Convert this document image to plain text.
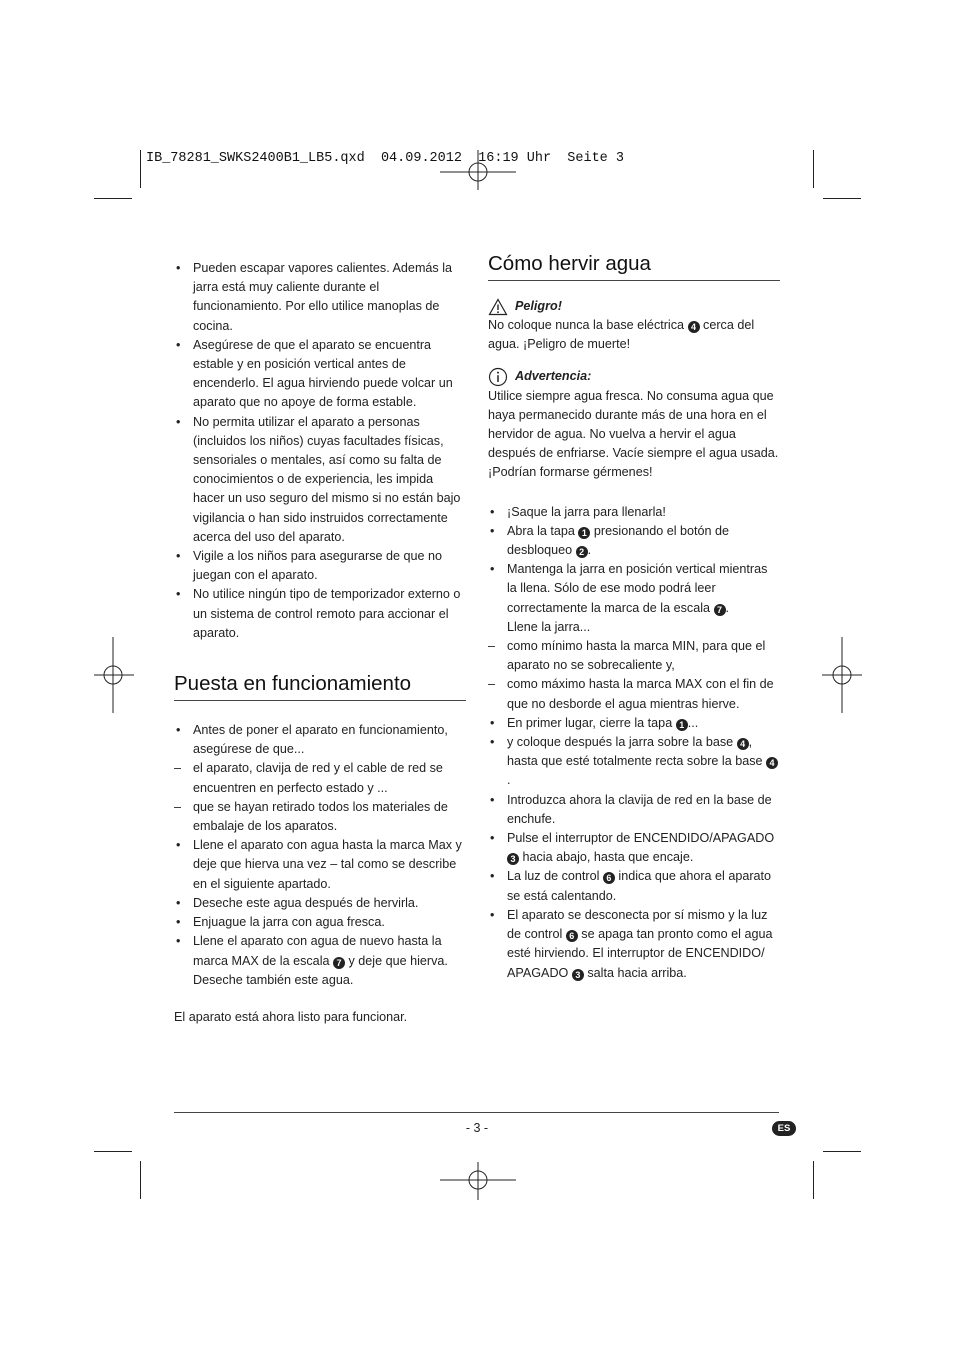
IB_78281_SWKS2400B1_LB5.qxd  04.09.2012  16:19 Uhr  Seite 3
• Pueden escapar vapores calientes. Además la jarra está muy caliente durante el funcionamiento. Por ello utilice manoplas de cocina.
• Asegúrese de que el aparato se encuentra estable y en posición vertical antes de encenderlo. El agua hirviendo puede volcar un aparato que no apoye de forma estable.
• No permita utilizar el aparato a personas (incluidos los niños) cuyas facultades físicas, sensoriales o mentales, así como su falta de conocimientos o de experiencia, les impida hacer un uso seguro del mismo si no están bajo vigilancia o han sido instruidos correctamente acerca del uso del aparato.
• Vigile a los niños para asegurarse de que no juegan con el aparato.
• No utilice ningún tipo de temporizador externo o un sistema de control remoto para accionar el aparato.
Puesta en funcionamiento
• Antes de poner el aparato en funcionamiento, asegúrese de que...
– el aparato, clavija de red y el cable de red se encuentren en perfecto estado y ...
– que se hayan retirado todos los materiales de embalaje de los aparatos.
• Llene el aparato con agua hasta la marca Max y deje que hierva una vez – tal como se describe en el siguiente apartado.
• Deseche este agua después de hervirla.
• Enjuague la jarra con agua fresca.
• Llene el aparato con agua de nuevo hasta la marca MAX de la escala 7 y deje que hierva. Deseche también este agua.

El aparato está ahora listo para funcionar.

Cómo hervir agua

Peligro!

No coloque nunca la base eléctrica 4 cerca del agua. ¡Peligro de muerte!

Advertencia:

Utilice siempre agua fresca. No consuma agua que haya permanecido durante más de una hora en el hervidor de agua. No vuelva a hervir el agua después de enfriarse. Vacíe siempre el agua usada. ¡Podrían formarse gérmenes!

• ¡Saque la jarra para llenarla!
• Abra la tapa 1 presionando el botón de desbloqueo 2 .
• Mantenga la jarra en posición vertical mientras la llena. Sólo de ese modo podrá leer correctamente la marca de la escala 7 .
Llene la jarra...
– como mínimo hasta la marca MIN, para que el aparato no se sobrecaliente y,
– como máximo hasta la marca MAX con el fin de que no desborde el agua mientras hierve.
• En primer lugar, cierre la tapa 1 ...
• y coloque después la jarra sobre la base 4 , hasta que esté totalmente recta sobre la base 4.
• Introduzca ahora la clavija de red en la base de enchufe.
• Pulse el interruptor de ENCENDIDO/APAGADO 3 hacia abajo, hasta que encaje.
• La luz de control 6 indica que ahora el aparato se está calentando.
• El aparato se desconecta por sí mismo y la luz de control 6 se apaga tan pronto como el agua esté hirviendo. El interruptor de ENCENDIDO/ APAGADO 3 salta hacia arriba.
- 3 -	ES
